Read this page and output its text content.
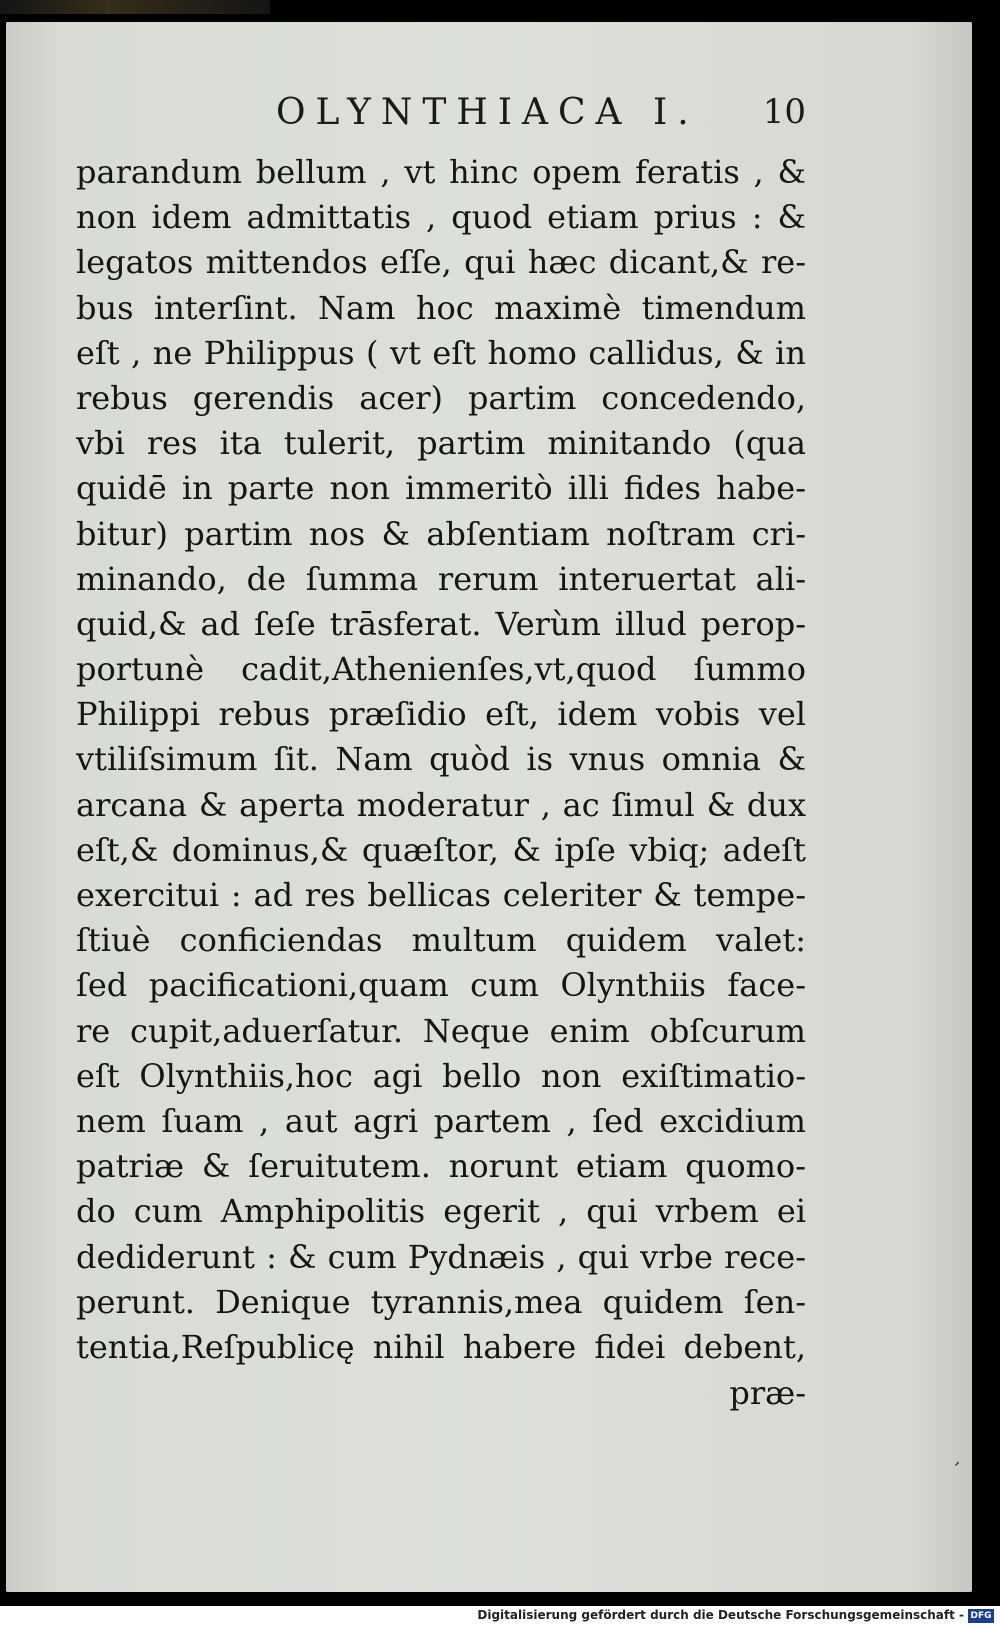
OLYNTHIACA I. 10
parandum bellum , vt hinc opem feratis , &
non idem admittatis , quod etiam prius : &
legatos mittendos eſſe, qui hæc dicant,& re-
bus interſint. Nam hoc maximè timendum
eſt , ne Philippus ( vt eſt homo callidus, & in
rebus gerendis acer) partim concedendo,
vbi res ita tulerit, partim minitando (qua
quidē in parte non immeritò illi fides habe-
bitur) partim nos & abſentiam noſtram cri-
minando, de ſumma rerum interuertat ali-
quid,& ad ſeſe trāsferat. Verùm illud perop-
portunè cadit,Athenienſes,vt,quod ſummo
Philippi rebus præſidio eſt, idem vobis vel
vtiliſsimum ſit. Nam quòd is vnus omnia &
arcana & aperta moderatur , ac ſimul & dux
eſt,& dominus,& quæſtor, & ipſe vbiq; adeſt
exercitui : ad res bellicas celeriter & tempe-
ſtiuè conficiendas multum quidem valet:
ſed pacificationi,quam cum Olynthiis face-
re cupit,aduerſatur. Neque enim obſcurum
eſt Olynthiis,hoc agi bello non exiſtimatio-
nem ſuam , aut agri partem , ſed excidium
patriæ & ſeruitutem. norunt etiam quomo-
do cum Amphipolitis egerit , qui vrbem ei
dediderunt : & cum Pydnæis , qui vrbe rece-
perunt. Denique tyrannis,mea quidem ſen-
tentia,Reſpublicę nihil habere fidei debent,
præ-
,
Digitalisierung gefördert durch die Deutsche Forschungsgemeinschaft - DFG
